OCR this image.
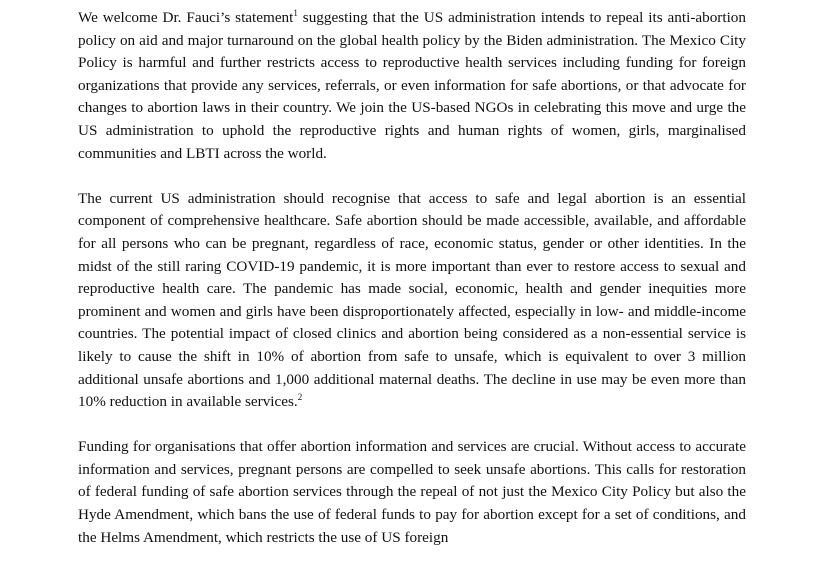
We welcome Dr. Fauci’s statement$^1$ suggesting that the US administration intends to repeal its anti-abortion policy on aid and major turnaround on the global health policy by the Biden administration. The Mexico City Policy is harmful and further restricts access to reproductive health services including funding for foreign organizations that provide any services, referrals, or even information for safe abortions, or that advocate for changes to abortion laws in their country. We join the US-based NGOs in celebrating this move and urge the US administration to uphold the reproductive rights and human rights of women, girls, marginalised communities and LBTI across the world.

The current US administration should recognise that access to safe and legal abortion is an essential component of comprehensive healthcare. Safe abortion should be made accessible, available, and affordable for all persons who can be pregnant, regardless of race, economic status, gender or other identities. In the midst of the still raring COVID-19 pandemic, it is more important than ever to restore access to sexual and reproductive health care. The pandemic has made social, economic, health and gender inequities more prominent and women and girls have been disproportionately affected, especially in low- and middle-income countries. The potential impact of closed clinics and abortion being considered as a non-essential service is likely to cause the shift in 10% of abortion from safe to unsafe, which is equivalent to over 3 million additional unsafe abortions and 1,000 additional maternal deaths. The decline in use may be even more than 10% reduction in available services.$^2$

Funding for organisations that offer abortion information and services are crucial. Without access to accurate information and services, pregnant persons are compelled to seek unsafe abortions. This calls for restoration of federal funding of safe abortion services through the repeal of not just the Mexico City Policy but also the Hyde Amendment, which bans the use of federal funds to pay for abortion except for a set of conditions, and the Helms Amendment, which restricts the use of US foreign
